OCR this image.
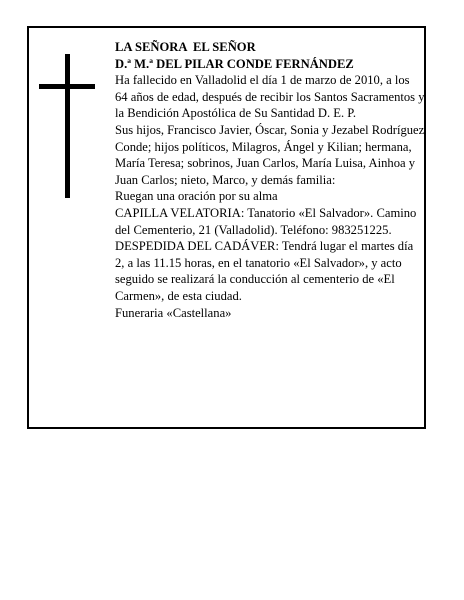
LA SEÑORA  EL SEÑOR

D.ª M.ª DEL PILAR CONDE FERNÁNDEZ

Ha fallecido en Valladolid el día 1 de marzo de 2010, a los 64 años de edad, después de recibir los Santos Sacramentos y la Bendición Apostólica de Su Santidad D. E. P.

Sus hijos, Francisco Javier, Óscar, Sonia y Jezabel Rodríguez Conde; hijos políticos, Milagros, Ángel y Kilian; hermana, María Teresa; sobrinos, Juan Carlos, María Luisa, Ainhoa y Juan Carlos; nieto, Marco, y demás familia:

Ruegan una oración por su alma

CAPILLA VELATORIA: Tanatorio «El Salvador». Camino del Cementerio, 21 (Valladolid). Teléfono: 983251225.

DESPEDIDA DEL CADÁVER: Tendrá lugar el martes día 2, a las 11.15 horas, en el tanatorio «El Salvador», y acto seguido se realizará la conducción al cementerio de «El Carmen», de esta ciudad.

Funeraria «Castellana»
